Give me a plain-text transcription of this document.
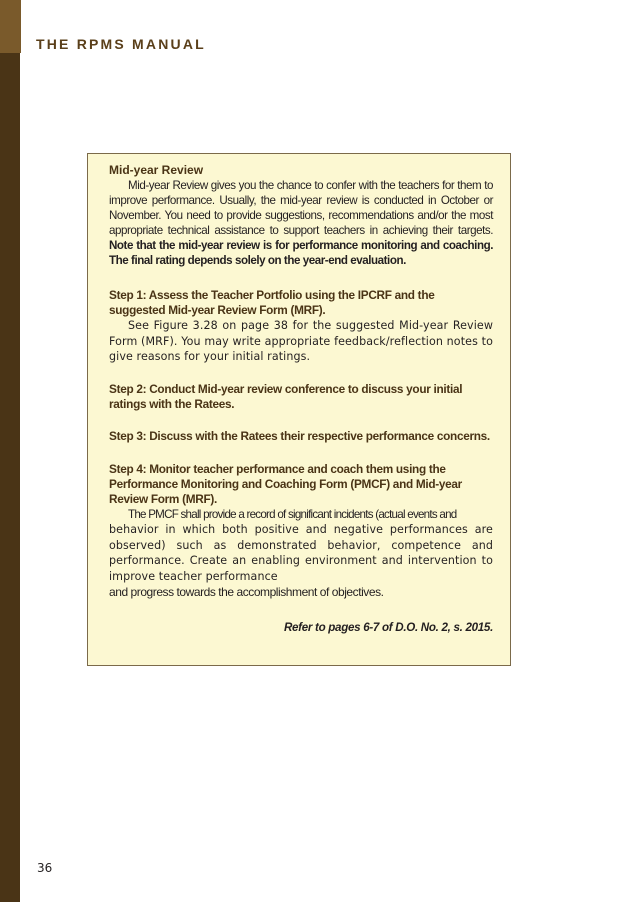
THE RPMS MANUAL

Mid-year Review

Mid-year Review gives you the chance to confer with the teachers for them to improve performance. Usually, the mid-year review is conducted in October or November. You need to provide suggestions, recommendations and/or the most appropriate technical assistance to support teachers in achieving their targets. Note that the mid-year review is for performance monitoring and coaching. The final rating depends solely on the year-end evaluation.

Step 1: Assess the Teacher Portfolio using the IPCRF and the suggested Mid-year Review Form (MRF).

See Figure 3.28 on page 38 for the suggested Mid-year Review Form (MRF). You may write appropriate feedback/reflection notes to give reasons for your initial ratings.

Step 2: Conduct Mid-year review conference to discuss your initial ratings with the Ratees.

Step 3: Discuss with the Ratees their respective performance concerns.

Step 4: Monitor teacher performance and coach them using the Performance Monitoring and Coaching Form (PMCF) and Mid-year Review Form (MRF).

The PMCF shall provide a record of significant incidents (actual events and

behavior in which both positive and negative performances are observed) such as demonstrated behavior, competence and performance. Create an enabling environment and intervention to improve teacher performance

and progress towards the accomplishment of objectives.

Refer to pages 6-7 of D.O. No. 2, s. 2015.

36
